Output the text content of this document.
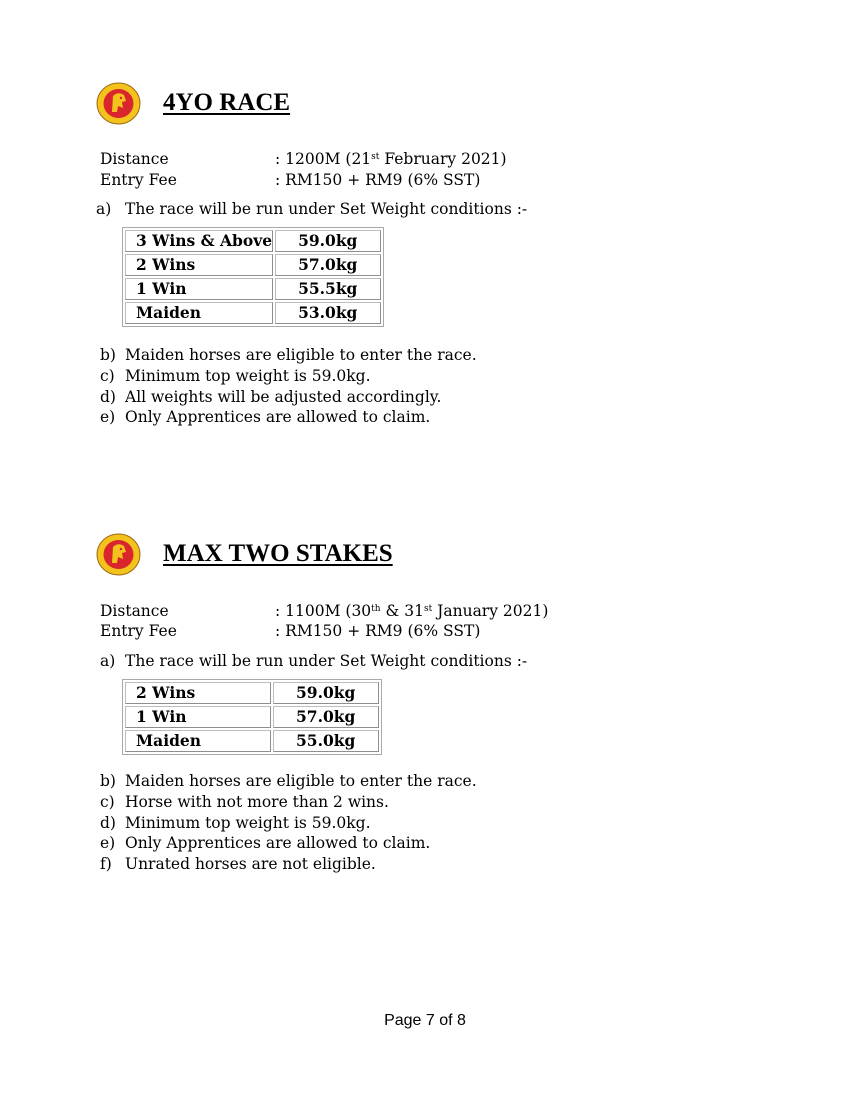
4YO RACE
Distance	: 1200M (21st February 2021)
Entry Fee	: RM150 + RM9 (6% SST)
a) The race will be run under Set Weight conditions :-
3 Wins & Above	59.0kg
2 Wins	57.0kg
1 Win	55.5kg
Maiden	53.0kg
b) Maiden horses are eligible to enter the race.
c) Minimum top weight is 59.0kg.
d) All weights will be adjusted accordingly.
e) Only Apprentices are allowed to claim.
MAX TWO STAKES
Distance	: 1100M (30th & 31st January 2021)
Entry Fee	: RM150 + RM9 (6% SST)
a) The race will be run under Set Weight conditions :-
2 Wins	59.0kg
1 Win	57.0kg
Maiden	55.0kg
b) Maiden horses are eligible to enter the race.
c) Horse with not more than 2 wins.
d) Minimum top weight is 59.0kg.
e) Only Apprentices are allowed to claim.
f) Unrated horses are not eligible.
Page 7 of 8
